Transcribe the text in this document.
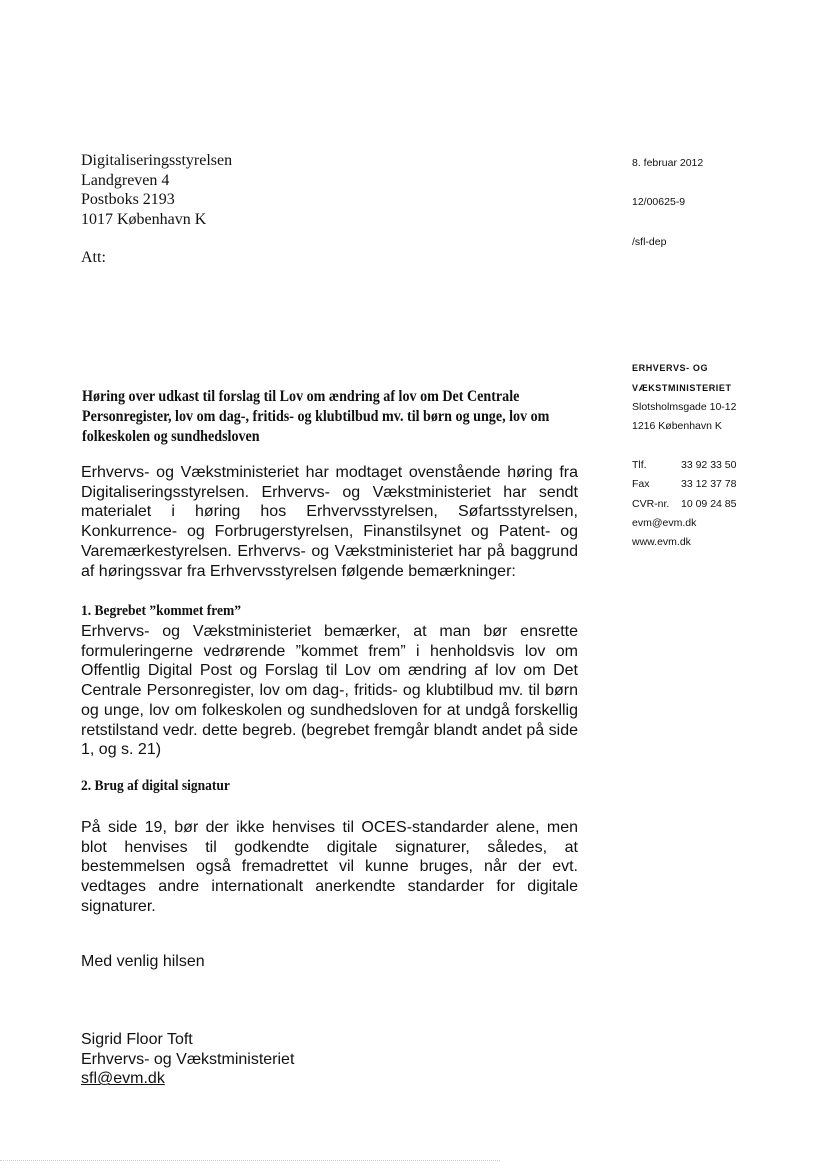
Digitaliseringsstyrelsen
Landgreven 4
Postboks 2193
1017 København K
Att:
8. februar 2012
12/00625-9
/sfl-dep
ERHVERVS- OG
VÆKSTMINISTERIET
Slotsholmsgade 10-12
1216 København K
Tlf.	33 92 33 50
Fax	33 12 37 78
CVR-nr.	10 09 24 85
evm@evm.dk
www.evm.dk
Høring over udkast til forslag til Lov om ændring af lov om Det Centrale Personregister, lov om dag-, fritids- og klubtilbud mv. til børn og unge, lov om folkeskolen og sundhedsloven
Erhvervs- og Vækstministeriet har modtaget ovenstående høring fra Digitaliseringsstyrelsen. Erhvervs- og Vækstministeriet har sendt materialet i høring hos Erhvervsstyrelsen, Søfartsstyrelsen, Konkurrence- og Forbrugerstyrelsen, Finanstilsynet og Patent- og Varemærkestyrelsen. Erhvervs- og Vækstministeriet har på baggrund af høringssvar fra Erhvervsstyrelsen følgende bemærkninger:
1. Begrebet ”kommet frem”
Erhvervs- og Vækstministeriet bemærker, at man bør ensrette formuleringerne vedrørende ”kommet frem” i henholdsvis lov om Offentlig Digital Post og Forslag til Lov om ændring af lov om Det Centrale Personregister, lov om dag-, fritids- og klubtilbud mv. til børn og unge, lov om folkeskolen og sundhedsloven for at undgå forskellig retstilstand vedr. dette begreb. (begrebet fremgår blandt andet på side 1, og s. 21)
2. Brug af digital signatur
På side 19, bør der ikke henvises til OCES-standarder alene, men blot henvises til godkendte digitale signaturer, således, at bestemmelsen også fremadrettet vil kunne bruges, når der evt. vedtages andre internationalt anerkendte standarder for digitale signaturer.
Med venlig hilsen
Sigrid Floor Toft
Erhvervs- og Vækstministeriet
sfl@evm.dk
